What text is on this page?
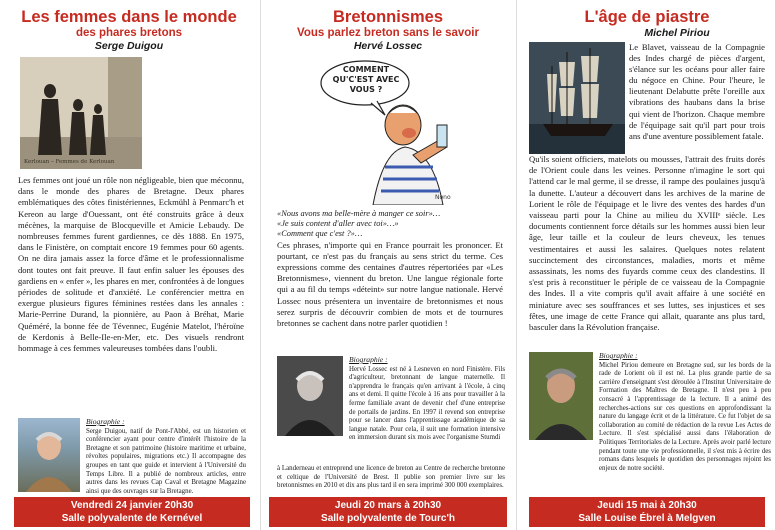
Les femmes dans le monde
des phares bretons
Serge Duigou
Kerlouan – Femmes de Kerlouan
Les femmes ont joué un rôle non négligeable, bien que méconnu, dans le monde des phares de Bretagne. Deux phares emblématiques des côtes finistériennes, Eckmühl à Penmarc'h et Kereon au large d'Ouessant, ont été construits grâce à deux mécènes, la marquise de Blocqueville et Amicie Lebaudy. De nombreuses femmes furent gardiennes, ce dès 1888. En 1975, dans le Finistère, on comptait encore 19 femmes pour 60 agents. On ne dira jamais assez la force d'âme et le professionnalisme dont toutes ont fait preuve. Il faut enfin saluer les épouses des gardiens en « enfer », les phares en mer, confrontées à de longues périodes de solitude et d'anxiété. Le conférencier mettra en exergue plusieurs figures féminines restées dans les annales : Marie-Perrine Durand, la pionnière, au Paon à Bréhat, Marie Quéméré, la bonne fée de Tévennec, Eugénie Matelot, l'héroïne de Kerdonis à Belle-Ile-en-Mer, etc. Des visuels rendront hommage à ces femmes valeureuses tombées dans l'oubli.
Biographie :
Serge Duigou, natif de Pont-l'Abbé, est un historien et conférencier ayant pour centre d'intérêt l'histoire de la Bretagne et son patrimoine (histoire maritime et urbaine, révoltes populaires, migrations etc.) Il accompagne des groupes en tant que guide et intervient à l'Université du Temps Libre. Il a publié de nombreux articles, entre autres dans les revues Cap Caval et Bretagne Magazine ainsi que des ouvrages sur la Bretagne.
Vendredi 24 janvier 20h30
Salle polyvalente de Kernével
Bretonnismes
Vous parlez breton sans le savoir
Hervé Lossec
COMMENT QU'C'EST AVEC VOUS ?
Nono
«Nous avons ma belle-mère à manger ce soir»…
«Je suis content d'aller avec toi»…»
«Comment que c'est ?»…
Ces phrases, n'importe qui en France pourrait les prononcer. Et pourtant, ce n'est pas du français au sens strict du terme. Ces expressions comme des centaines d'autres répertoriées par «Les Bretonnismes», viennent du breton. Une langue régionale forte qui a au fil du temps «déteint» sur notre langue nationale. Hervé Lossec nous présentera un inventaire de bretonnismes et nous serez surpris de découvrir combien de mots et de tournures bretonnes se cachent dans notre parler quotidien !
Biographie :
Hervé Lossec est né à Lesneven en nord Finistère. Fils d'agriculteur, bretonnant de langue maternelle. Il n'apprendra le français qu'en arrivant à l'école, à cinq ans et demi. Il quitte l'école à 16 ans pour travailler à la ferme familiale avant de devenir chef d'une entreprise de portails de jardins. En 1997 il revend son entreprise pour se lancer dans l'apprentissage académique de sa langue natale. Pour cela, il suit une formation intensive en immersion durant six mois avec l'organisme Stumdi
à Landerneau et entreprend une licence de breton au Centre de recherche bretonne et celtique de l'Université de Brest. Il publie son premier livre sur les bretonnismes en 2010 et dix ans plus tard il en sera imprimé 300 000 exemplaires.
Jeudi 20 mars à 20h30
Salle polyvalente de Tourc'h
L'âge de piastre
Michel Piriou
Le Blavet, vaisseau de la Compagnie des Indes chargé de pièces d'argent, s'élance sur les océans pour aller faire du négoce en Chine. Pour l'heure, le lieutenant Delabutte prête l'oreille aux vibrations des haubans dans la brise qui vient de l'horizon. Chaque membre de l'équipage sait qu'il part pour trois ans d'une aventure possiblement fatale.
Qu'ils soient officiers, matelots ou mousses, l'attrait des fruits dorés de l'Orient coule dans les veines. Personne n'imagine le sort qui l'attend car le mal germe, il se dresse, il rampe des poulaines jusqu'à la dunette. L'auteur a découvert dans les archives de la marine de Lorient le rôle de l'équipage et le livre des ventes des hardes d'un vaisseau parti pour la Chine au milieu du XVIIIᵉ siècle. Les documents contiennent force détails sur les hommes aussi bien leur âge, leur taille et la couleur de leurs cheveux, les tenues vestimentaires et aussi les salaires. Quelques notes relatent succinctement des circonstances, maladies, morts et même assassinats, les noms des fuyards comme ceux des clandestins. Il s'est pris à reconstituer le périple de ce vaisseau de la Compagnie des Indes. Il a vite compris qu'il avait affaire à une société en miniature avec ses souffrances et ses luttes, ses injustices et ses fêtes, une image de cette France qui allait, quarante ans plus tard, basculer dans la Révolution française.
Biographie :
Michel Piriou demeure en Bretagne sud, sur les bords de la rade de Lorient où il est né. La plus grande partie de sa carrière d'enseignant s'est déroulée à l'Institut Universitaire de Formation des Maîtres de Bretagne. Il n'est peu à peu consacré à l'apprentissage de la lecture. Il a animé des recherches-actions sur ces questions en approfondissant la nature du langage écrit et de la littérature. Ce fut l'objet de sa collaboration au comité de rédaction de la revue Les Actes de Lecture. Il s'est spécialisé aussi dans l'élaboration de Politiques Territoriales de la Lecture. Après avoir parlé lecture pendant toute une vie professionnelle, il s'est mis à écrire des romans dans lesquels le quotidien des personnages rejoint les enjeux de notre société.
Jeudi 15 mai à 20h30
Salle Louise Ébrel à Melgven
